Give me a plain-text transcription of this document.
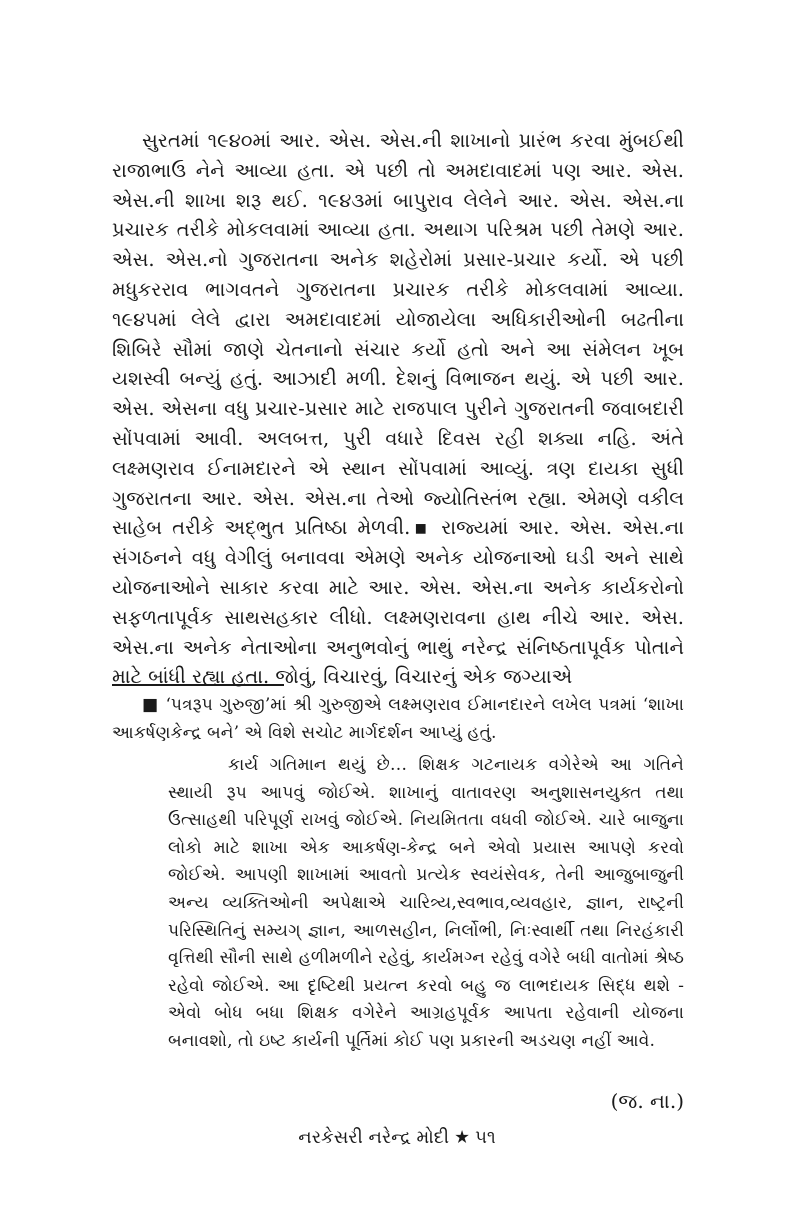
સુરતમાં ૧૯૪૦માં આર. એસ. એસ.ની શાખાનો પ્રારંભ કરવા મુંબઈથી રાજાભાઉ નેને આવ્યા હતા. એ પછી તો અમદાવાદમાં પણ આર. એસ. એસ.ની શાખા શરૂ થઈ. ૧૯૪૩માં બાપુરાવ લેલેને આર. એસ. એસ.ના પ્રચારક તરીકે મોકલવામાં આવ્યા હતા. અથાગ પરિશ્રમ પછી તેમણે આર. એસ. એસ.નો ગુજરાતના અનેક શહેરોમાં પ્રસાર-પ્રચાર કર્યો. એ પછી મધુકરરાવ ભાગવતને ગુજરાતના પ્રચારક તરીકે મોકલવામાં આવ્યા. ૧૯૪૫માં લેલે દ્વારા અમદાવાદમાં યોજાયેલા અધિકારીઓની બઢતીના શિબિરે સૌમાં જાણે ચેતનાનો સંચાર કર્યો હતો અને આ સંમેલન ખૂબ યશસ્વી બન્યું હતું. આઝાદી મળી. દેશનું વિભાજન થયું. એ પછી આર. એસ. એસના વધુ પ્રચાર-પ્રસાર માટે રાજપાલ પુરીને ગુજરાતની જવાબદારી સોંપવામાં આવી. અલબત્ત, પુરી વધારે દિવસ રહી શક્યા નહિ. અંતે લક્ષ્મણરાવ ઈનામદારને એ સ્થાન સોંપવામાં આવ્યું. ત્રણ દાયકા સુધી ગુજરાતના આર. એસ. એસ.ના તેઓ જ્યોતિસ્તંભ રહ્યા. એમણે વકીલ સાહેબ તરીકે અદ્ભુત પ્રતિષ્ઠા મેળવી.▪ રાજ્યમાં આર. એસ. એસ.ના સંગઠનને વધુ વેગીલું બનાવવા એમણે અનેક યોજનાઓ ઘડી અને સાથે યોજનાઓને સાકાર કરવા માટે આર. એસ. એસ.ના અનેક કાર્યકરોનો સફળતાપૂર્વક સાથસહકાર લીધો. લક્ષ્મણરાવના હાથ નીચે આર. એસ. એસ.ના અનેક નેતાઓના અનુભવોનું ભાથું નરેન્દ્ર સંનિષ્ઠતાપૂર્વક પોતાને માટે બાંધી રહ્યા હતા. જોવું, વિચારવું, વિચારનું એક જગ્યાએ

■ ‘પત્રરૂપ ગુરુજી’માં શ્રી ગુરુજીએ લક્ષ્મણરાવ ઈમાનદારને લખેલ પત્રમાં ‘શાખા આકર્ષણકેન્દ્ર બને’ એ વિશે સચોટ માર્ગદર્શન આપ્યું હતું.

કાર્ય ગતિમાન થયું છે… શિક્ષક ગટનાયક વગેરેએ આ ગતિને સ્થાયી રૂપ આપવું જોઈએ. શાખાનું વાતાવરણ અનુશાસનયુક્ત તથા ઉત્સાહથી પરિપૂર્ણ રાખવું જોઈએ. નિયમિતતા વધવી જોઈએ. ચારે બાજુના લોકો માટે શાખા એક આકર્ષણ-કેન્દ્ર બને એવો પ્રયાસ આપણે કરવો જોઈએ. આપણી શાખામાં આવતો પ્રત્યેક સ્વયંસેવક, તેની આજુબાજુની અન્ય વ્યક્તિઓની અપેક્ષાએ ચારિત્ર્ય,સ્વભાવ,વ્યવહાર, જ્ઞાન, રાષ્ટ્રની પરિસ્થિતિનું સમ્યગ્ જ્ઞાન, આળસહીન, નિર્લોભી, નિઃસ્વાર્થી તથા નિરહંકારી વૃત્તિથી સૌની સાથે હળીમળીને રહેવું, કાર્યમગ્ન રહેવું વગેરે બધી વાતોમાં શ્રેષ્ઠ રહેવો જોઈએ. આ દૃષ્ટિથી પ્રયત્ન કરવો બહુ જ લાભદાયક સિદ્ધ થશે - એવો બોધ બધા શિક્ષક વગેરેને આગ્રહપૂર્વક આપતા રહેવાની યોજના બનાવશો, તો ઇષ્ટ કાર્યની પૂર્તિમાં કોઈ પણ પ્રકારની અડચણ નહીં આવે.

(જ. ના.)

નરકેસરી નરેન્દ્ર મોદી ★ ૫૧
